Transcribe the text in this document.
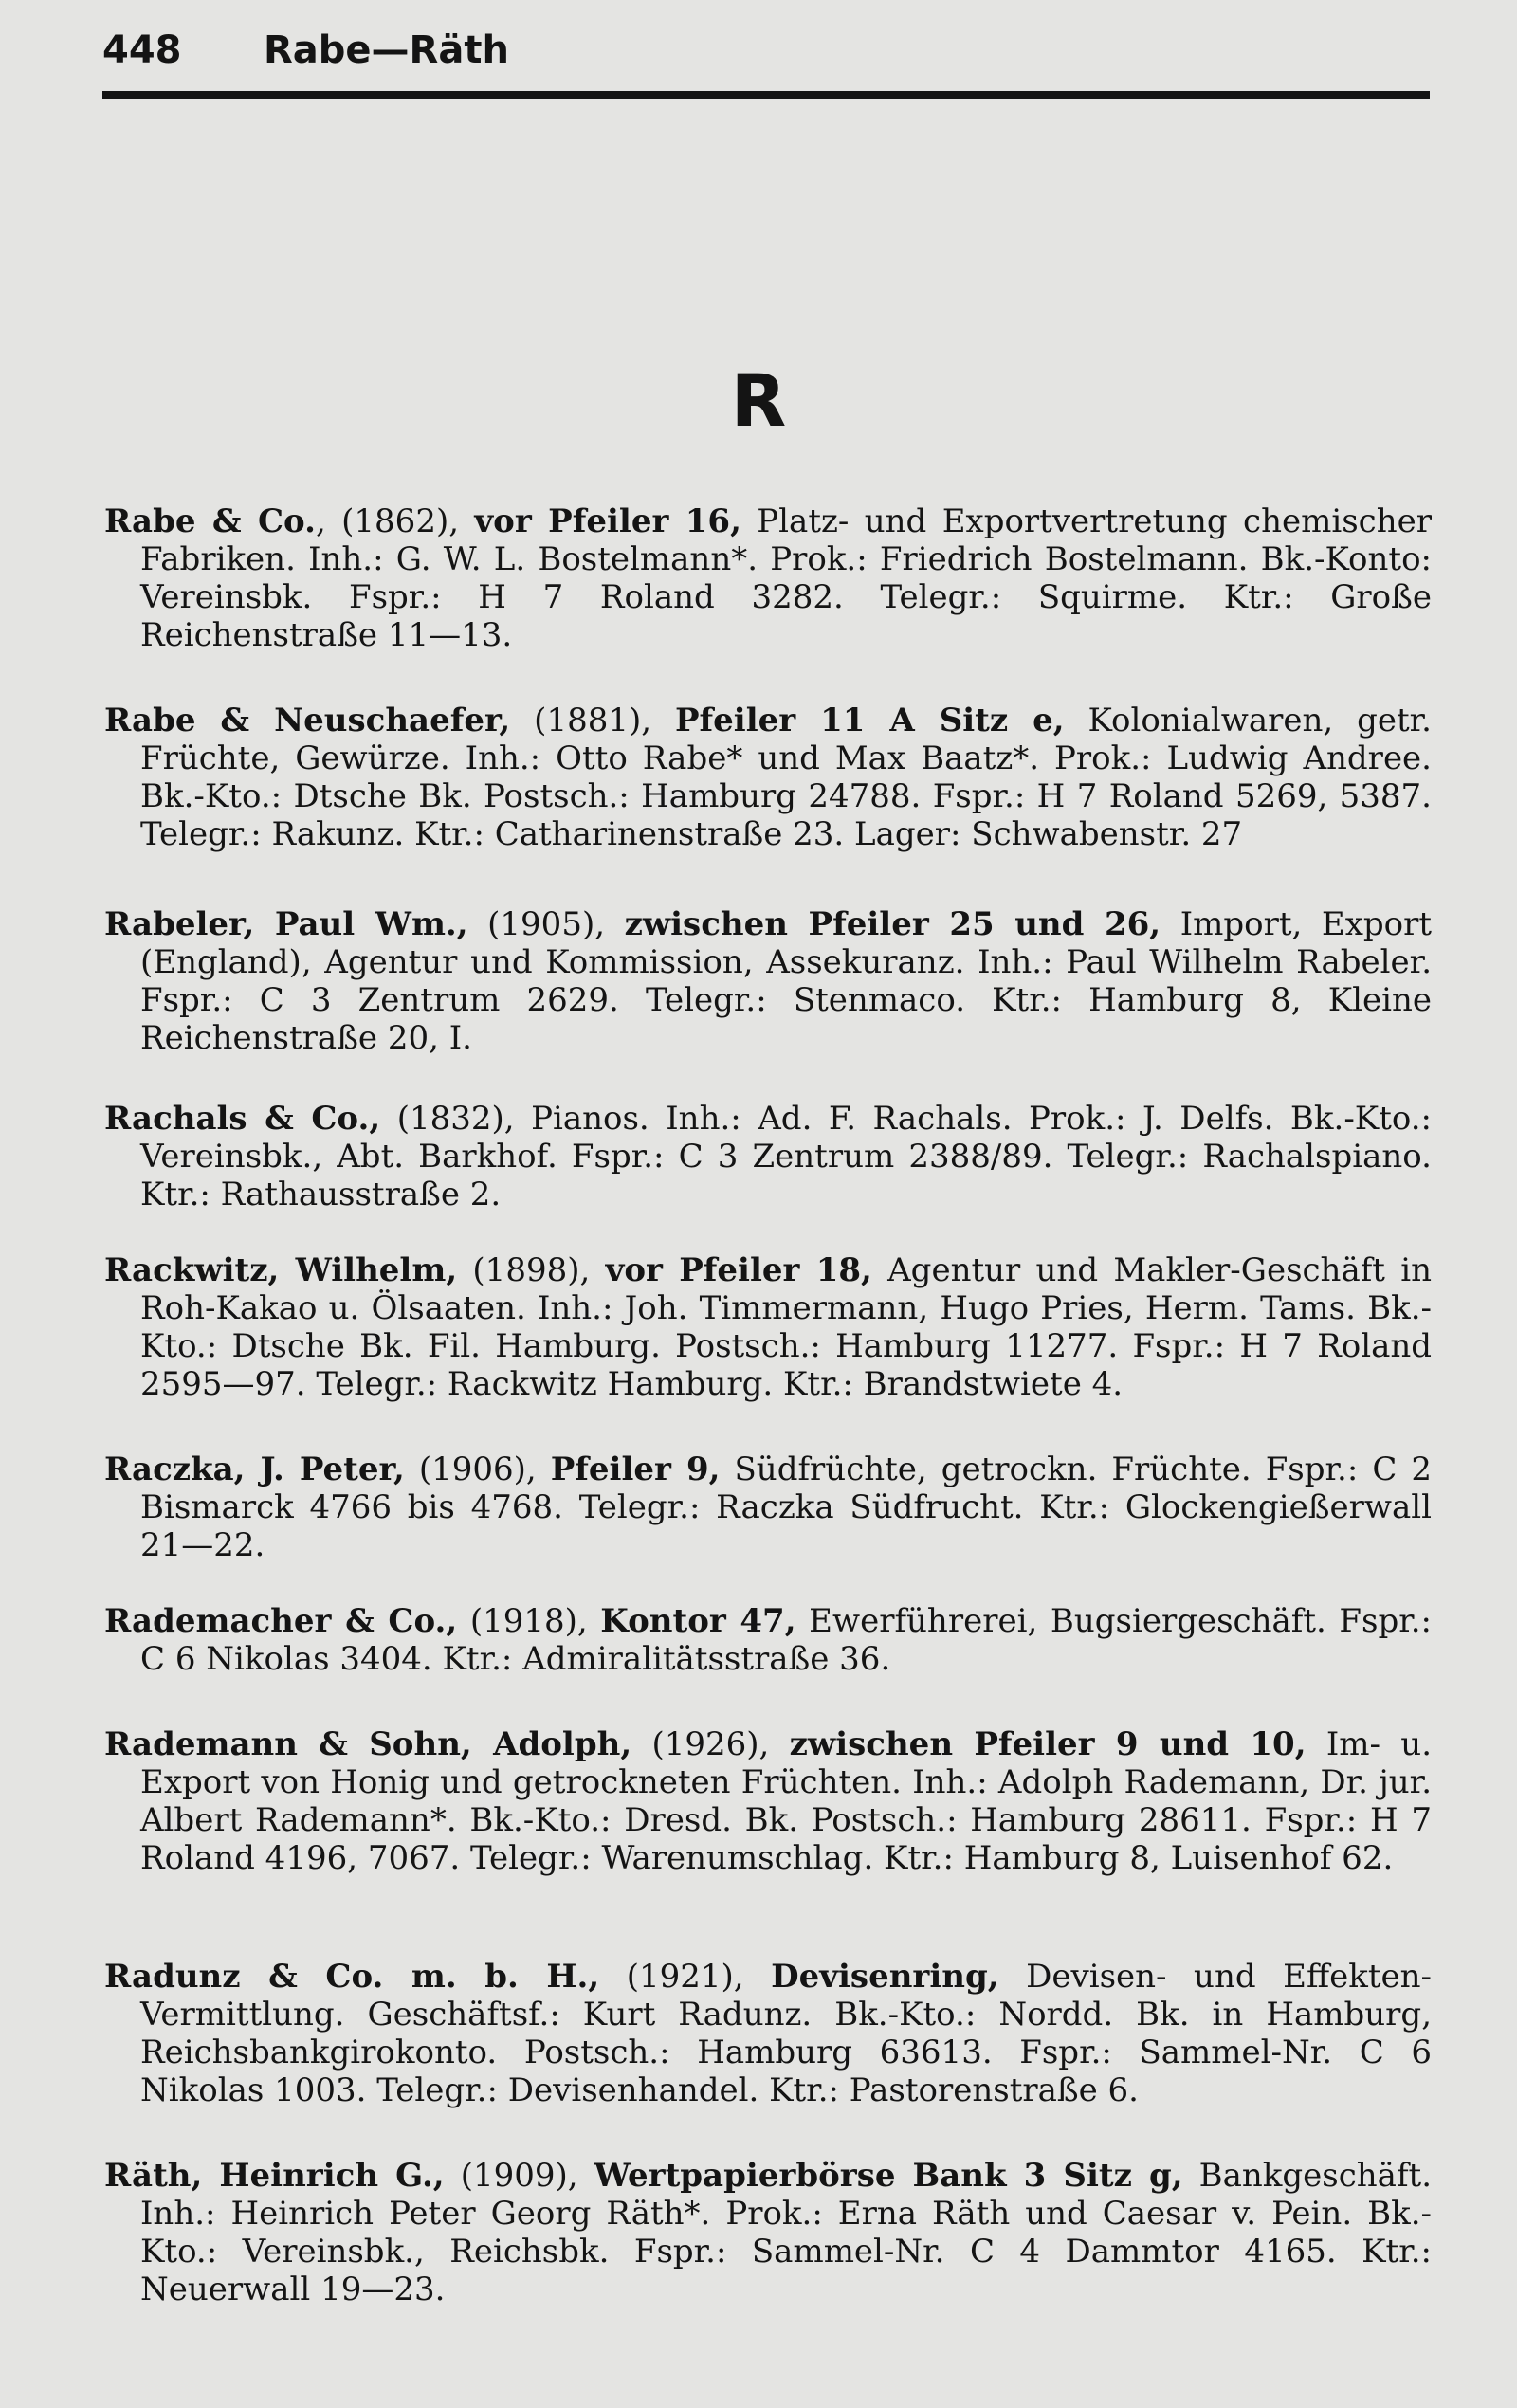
448 Rabe—Räth
R
Rabe & Co., (1862), vor Pfeiler 16, Platz- und Exportvertretung chemischer Fabriken. Inh.: G. W. L. Bostelmann*. Prok.: Friedrich Bostelmann. Bk.-Konto: Vereinsbk. Fspr.: H 7 Roland 3282. Telegr.: Squirme. Ktr.: Große Reichenstraße 11—13.
Rabe & Neuschaefer, (1881), Pfeiler 11 A Sitz e, Kolonialwaren, getr. Früchte, Gewürze. Inh.: Otto Rabe* und Max Baatz*. Prok.: Ludwig Andree. Bk.-Kto.: Dtsche Bk. Postsch.: Hamburg 24788. Fspr.: H 7 Roland 5269, 5387. Telegr.: Rakunz. Ktr.: Catharinenstraße 23. Lager: Schwabenstr. 27
Rabeler, Paul Wm., (1905), zwischen Pfeiler 25 und 26, Import, Export (England), Agentur und Kommission, Assekuranz. Inh.: Paul Wilhelm Rabeler. Fspr.: C 3 Zentrum 2629. Telegr.: Stenmaco. Ktr.: Hamburg 8, Kleine Reichenstraße 20, I.
Rachals & Co., (1832), Pianos. Inh.: Ad. F. Rachals. Prok.: J. Delfs. Bk.-Kto.: Vereinsbk., Abt. Barkhof. Fspr.: C 3 Zentrum 2388/89. Telegr.: Rachalspiano. Ktr.: Rathausstraße 2.
Rackwitz, Wilhelm, (1898), vor Pfeiler 18, Agentur und Makler-Geschäft in Roh-Kakao u. Ölsaaten. Inh.: Joh. Timmermann, Hugo Pries, Herm. Tams. Bk.-Kto.: Dtsche Bk. Fil. Hamburg. Postsch.: Hamburg 11277. Fspr.: H 7 Roland 2595—97. Telegr.: Rackwitz Hamburg. Ktr.: Brandstwiete 4.
Raczka, J. Peter, (1906), Pfeiler 9, Südfrüchte, getrockn. Früchte. Fspr.: C 2 Bismarck 4766 bis 4768. Telegr.: Raczka Südfrucht. Ktr.: Glockengießerwall 21—22.
Rademacher & Co., (1918), Kontor 47, Ewerführerei, Bugsiergeschäft. Fspr.: C 6 Nikolas 3404. Ktr.: Admiralitätsstraße 36.
Rademann & Sohn, Adolph, (1926), zwischen Pfeiler 9 und 10, Im- u. Export von Honig und getrockneten Früchten. Inh.: Adolph Rademann, Dr. jur. Albert Rademann*. Bk.-Kto.: Dresd. Bk. Postsch.: Hamburg 28611. Fspr.: H 7 Roland 4196, 7067. Telegr.: Warenumschlag. Ktr.: Hamburg 8, Luisenhof 62.
Radunz & Co. m. b. H., (1921), Devisenring, Devisen- und Effekten-Vermittlung. Geschäftsf.: Kurt Radunz. Bk.-Kto.: Nordd. Bk. in Hamburg, Reichsbankgirokonto. Postsch.: Hamburg 63613. Fspr.: Sammel-Nr. C 6 Nikolas 1003. Telegr.: Devisenhandel. Ktr.: Pastorenstraße 6.
Räth, Heinrich G., (1909), Wertpapierbörse Bank 3 Sitz g, Bankgeschäft. Inh.: Heinrich Peter Georg Räth*. Prok.: Erna Räth und Caesar v. Pein. Bk.-Kto.: Vereinsbk., Reichsbk. Fspr.: Sammel-Nr. C 4 Dammtor 4165. Ktr.: Neuerwall 19—23.
